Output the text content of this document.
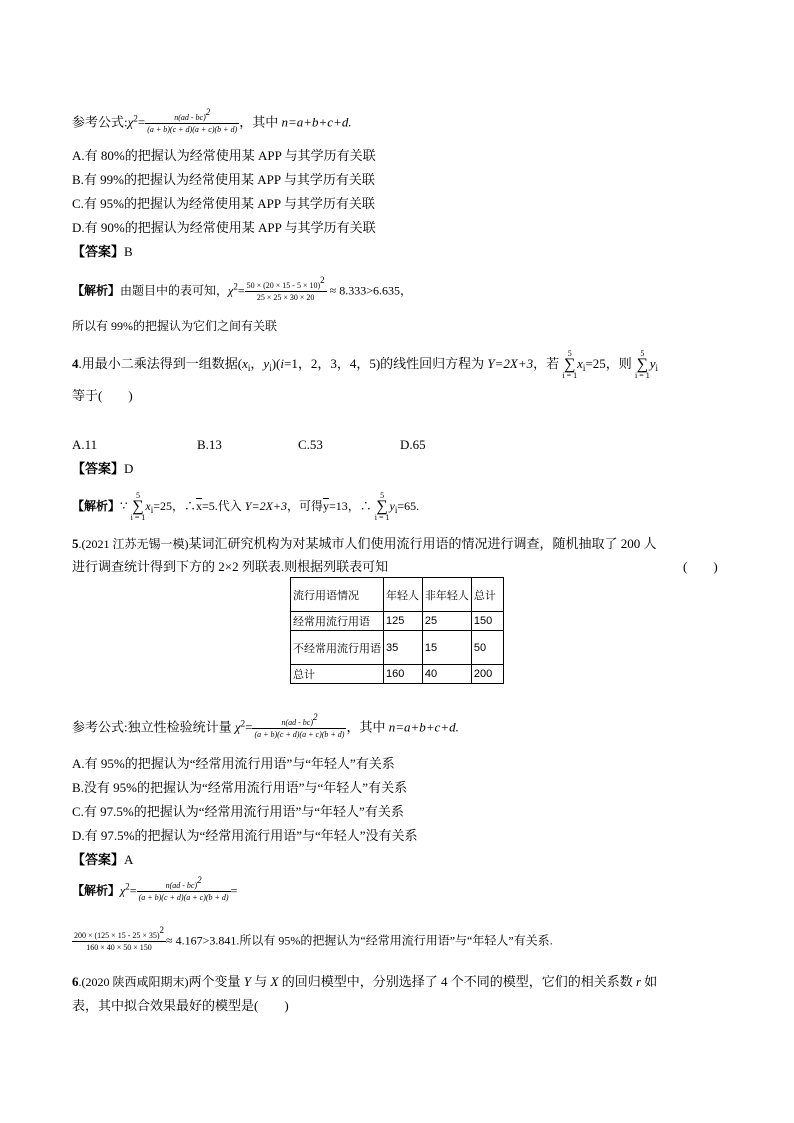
参考公式$:\chi^2= \frac{n(ad - bc)^2}{(a + b)(c + d)(a + c)(b + d)}$ ，其中 n=a+b+c+d.
A.有 80%的把握认为经常使用某 APP 与其学历有关联
B.有 99%的把握认为经常使用某 APP 与其学历有关联
C.有 95%的把握认为经常使用某 APP 与其学历有关联
D.有 90%的把握认为经常使用某 APP 与其学历有关联
【答案】B
【解析】由题目中的表可知，$\chi^2= \frac{50 \times (20 \times 15 - 5 \times 10)^2}{25 \times 25 \times 30 \times 20} \approx 8.333>6.635$，
所以有 99%的把握认为它们之间有关联
4.用最小二乘法得到一组数据($x_i$，$y_i)(i=1$，2，3，4，5)的线性回归方程为 Y=2X+3，若 5
∑
$i = 1x_i=25$，则 5
∑
$i = 1y_i$
等于(　　)
A.11	B.13	C.53	D.65
【答案】D
【解析】∵ 5
∑
$i = 1x_i=25$，$\therefore\overline{x}=5$.代入 Y=2X+3，可得$\overline{y}=13$，∴ 5
∑
$i = 1y_i=65$.
5.(2021 江苏无锡一模)某词汇研究机构为对某城市人们使用流行用语的情况进行调查，随机抽取了 200 人
进行调查统计得到下方的 2×2 列联表.则根据列联表可知	(　　)
流行用语情况	年轻人	非年轻人	总计
经常用流行用语	125	25	150
不经常用流行用语	35	15	50
总计	160	40	200
参考公式:独立性检验统计量 $\chi^2= \frac{n(ad - bc)^2}{(a + b)(c + d)(a + c)(b + d)}$ ，其中 n=a+b+c+d.
A.有 95%的把握认为“经常用流行用语”与“年轻人”有关系
B.没有 95%的把握认为“经常用流行用语”与“年轻人”有关系
C.有 97.5%的把握认为“经常用流行用语”与“年轻人”有关系
D.有 97.5%的把握认为“经常用流行用语”与“年轻人”没有关系
【答案】A
【解析】$\chi^2= \frac{n(ad - bc)^2}{(a + b)(c + d)(a + c)(b + d)}$ =
$\frac{200 \times (125 \times 15 - 25 \times 35)^2}{160 \times 40 \times 50 \times 150} \approx 4.167>3.841$.所以有 95%的把握认为“经常用流行用语”与“年轻人”有关系.
6.(2020 陕西咸阳期末)两个变量 Y 与 X 的回归模型中，分别选择了 4 个不同的模型，它们的相关系数 r 如
表，其中拟合效果最好的模型是(　　)
